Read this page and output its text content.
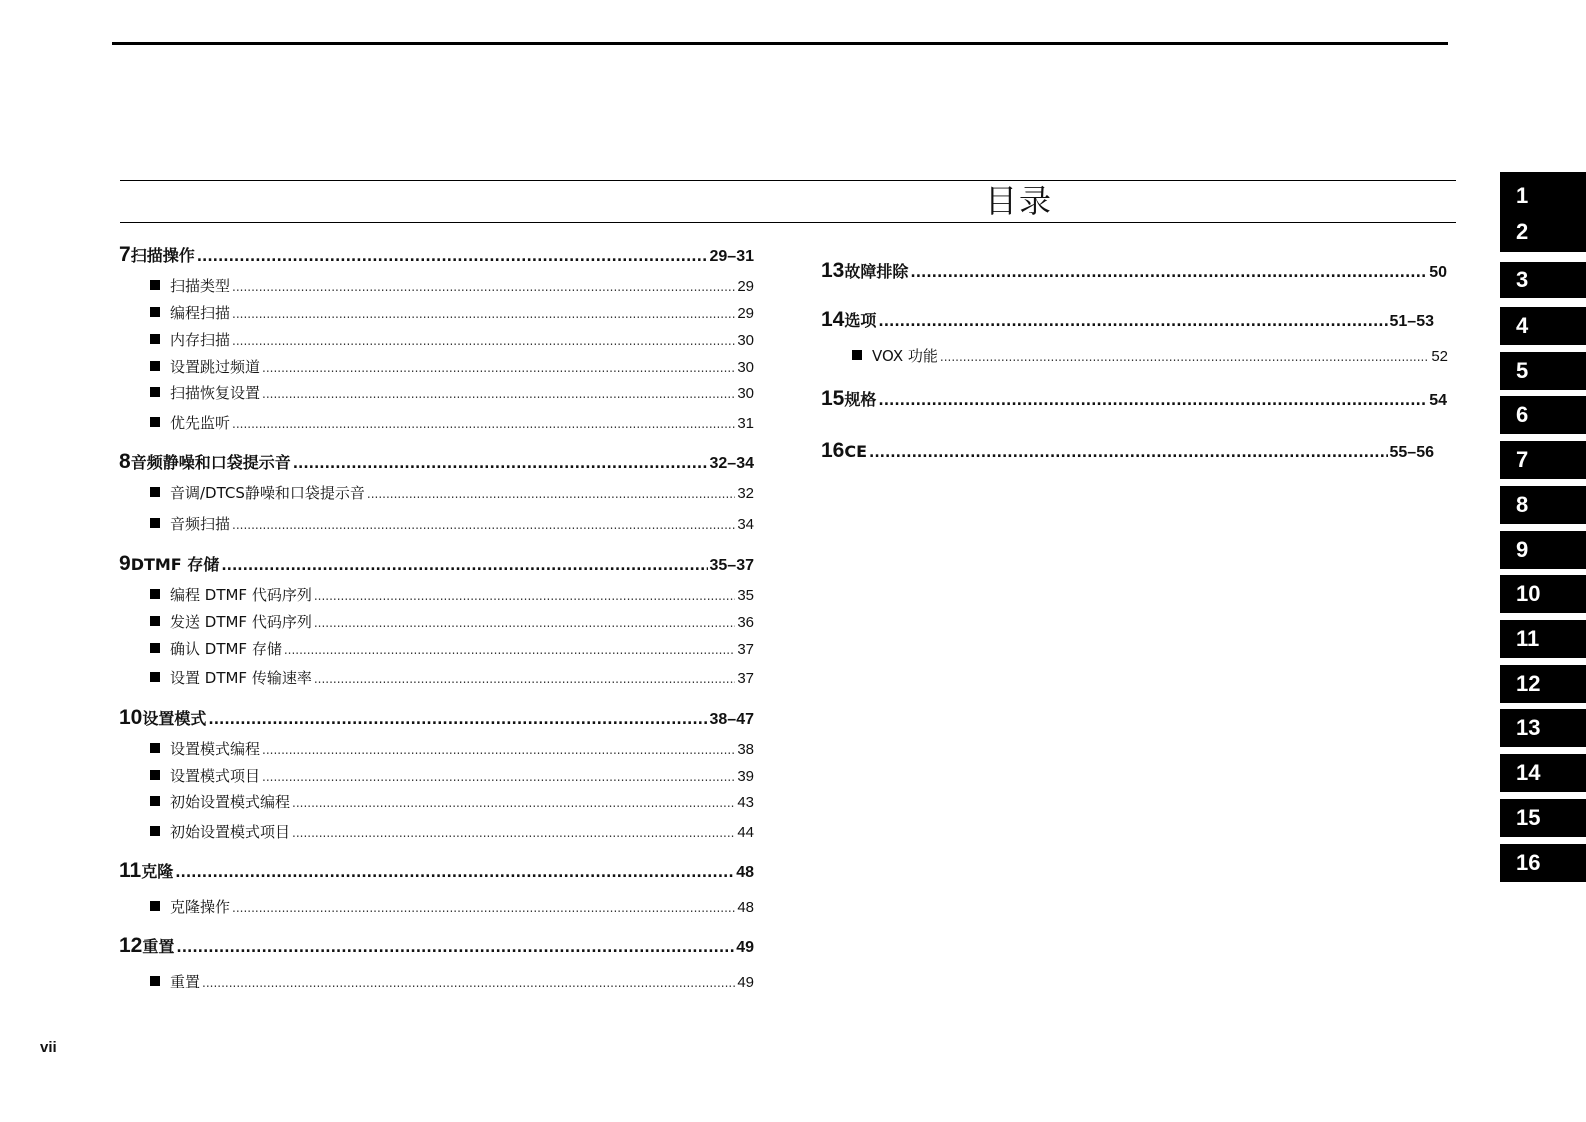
目录
7 扫描操作 .....	29–31
扫描类型 .....	29
编程扫描 .....	29
内存扫描 .....	30
设置跳过频道 .....	30
扫描恢复设置 .....	30
优先监听 .....	31
8 音频静噪和口袋提示音 .....	32–34
音调/DTCS静噪和口袋提示音 .....	32
音频扫描 .....	34
9 DTMF 存储 .....	35–37
编程 DTMF 代码序列 .....	35
发送 DTMF 代码序列 .....	36
确认 DTMF 存储 .....	37
设置 DTMF 传输速率 .....	37
10 设置模式 .....	38–47
设置模式编程 .....	38
设置模式项目 .....	39
初始设置模式编程 .....	43
初始设置模式项目 .....	44
11 克隆 .....	48
克隆操作 .....	48
12 重置 .....	49
重置 .....	49
13 故障排除 .....	50
14 选项 .....	51–53
VOX 功能 .....	52
15 规格 .....	54
16 CE .....	55–56
1
2
3
4
5
6
7
8
9
10
11
12
13
14
15
16
vii
